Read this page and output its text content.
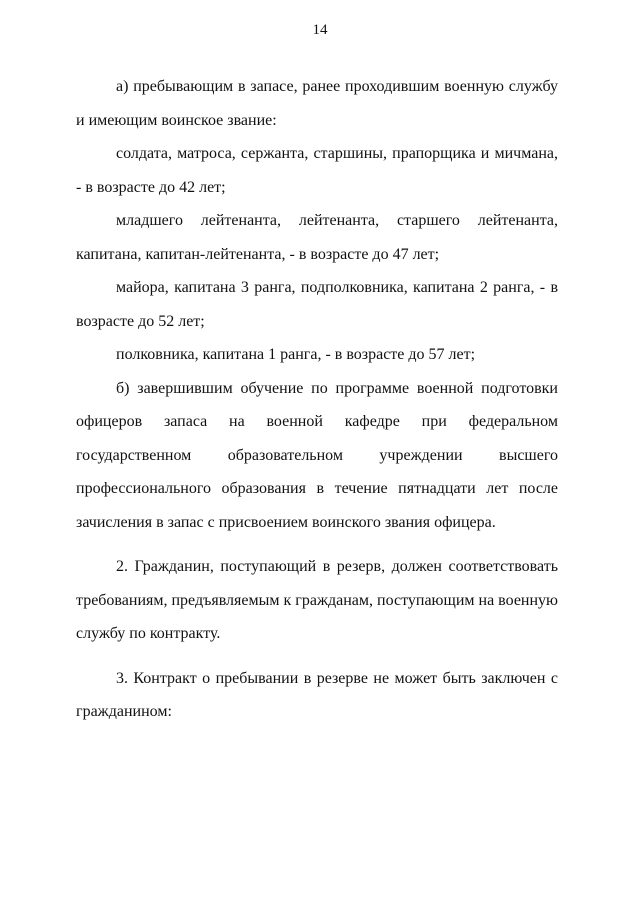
14

а) пребывающим в запасе, ранее проходившим военную службу и имеющим воинское звание:

солдата, матроса, сержанта, старшины, прапорщика и мичмана, - в возрасте до 42 лет;

младшего лейтенанта, лейтенанта, старшего лейтенанта, капитана, капитан-лейтенанта, - в возрасте до 47 лет;

майора, капитана 3 ранга, подполковника, капитана 2 ранга, - в возрасте до 52 лет;

полковника, капитана 1 ранга, - в возрасте до 57 лет;

б) завершившим обучение по программе военной подготовки офицеров запаса на военной кафедре при федеральном государственном образовательном учреждении высшего профессионального образования в течение пятнадцати лет после зачисления в запас с присвоением воинского звания офицера.

2. Гражданин, поступающий в резерв, должен соответствовать требованиям, предъявляемым к гражданам, поступающим на военную службу по контракту.

3. Контракт о пребывании в резерве не может быть заключен с гражданином:
